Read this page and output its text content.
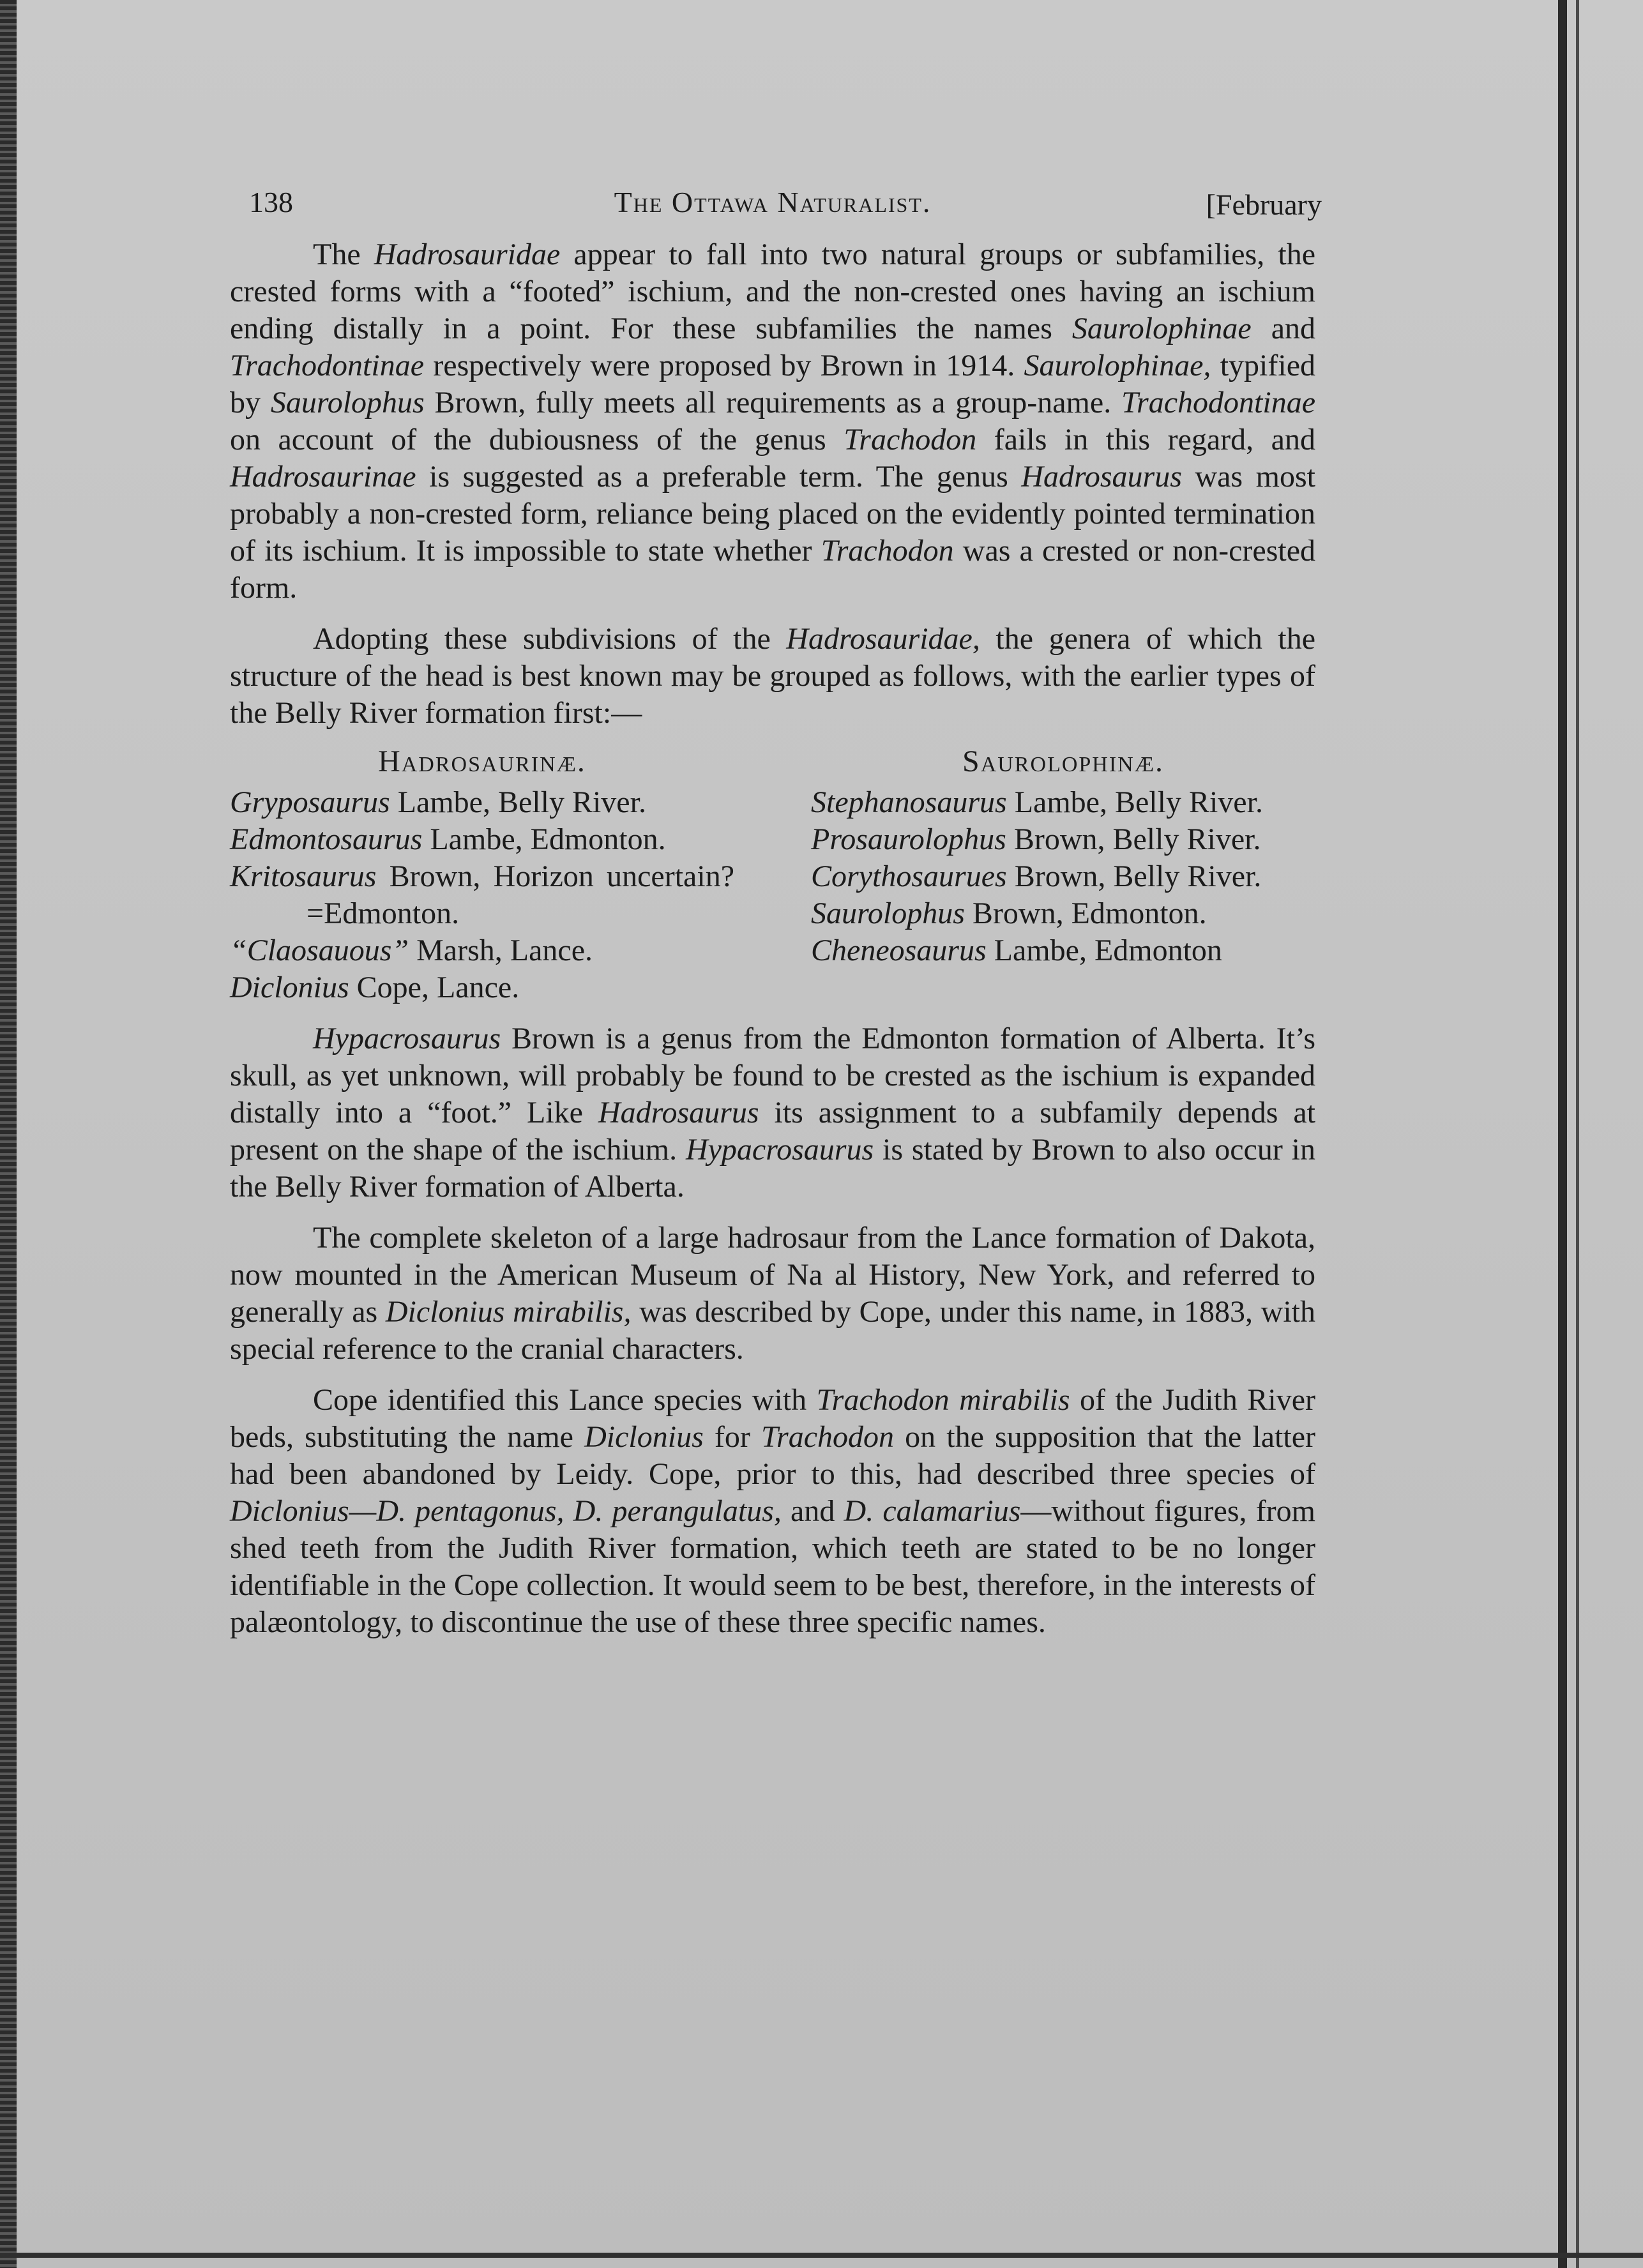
138	The Ottawa Naturalist.	[February

The Hadrosauridae appear to fall into two natural groups or subfamilies, the crested forms with a “footed” ischium, and the non-crested ones having an ischium ending distally in a point. For these subfamilies the names Saurolophinae and Trachodontinae respectively were proposed by Brown in 1914. Saurolophinae, typified by Saurolophus Brown, fully meets all requirements as a group-name. Trachodontinae on account of the dubiousness of the genus Trachodon fails in this regard, and Hadrosaurinae is suggested as a preferable term. The genus Hadrosaurus was most probably a non-crested form, reliance being placed on the evidently pointed termination of its ischium. It is impossible to state whether Trachodon was a crested or non-crested form.

Adopting these subdivisions of the Hadrosauridae, the genera of which the structure of the head is best known may be grouped as follows, with the earlier types of the Belly River formation first:—

Hadrosaurinæ.
Gryposaurus Lambe, Belly River.
Edmontosaurus Lambe, Edmonton.
Kritosaurus Brown, Horizon uncertain?=Edmonton.
“Claosauous” Marsh, Lance.
Diclonius Cope, Lance.
Saurolophinæ.
Stephanosaurus Lambe, Belly River.
Prosaurolophus Brown, Belly River.
Corythosaurues Brown, Belly River.
Saurolophus Brown, Edmonton.
Cheneosaurus Lambe, Edmonton

Hypacrosaurus Brown is a genus from the Edmonton formation of Alberta. It’s skull, as yet unknown, will probably be found to be crested as the ischium is expanded distally into a “foot.” Like Hadrosaurus its assignment to a subfamily depends at present on the shape of the ischium. Hypacrosaurus is stated by Brown to also occur in the Belly River formation of Alberta.

The complete skeleton of a large hadrosaur from the Lance formation of Dakota, now mounted in the American Museum of Na al History, New York, and referred to generally as Diclonius mirabilis, was described by Cope, under this name, in 1883, with special reference to the cranial characters.

Cope identified this Lance species with Trachodon mirabilis of the Judith River beds, substituting the name Diclonius for Trachodon on the supposition that the latter had been abandoned by Leidy. Cope, prior to this, had described three species of Diclonius—D. pentagonus, D. perangulatus, and D. calamarius—without figures, from shed teeth from the Judith River formation, which teeth are stated to be no longer identifiable in the Cope collection. It would seem to be best, therefore, in the interests of palæontology, to discontinue the use of these three specific names.
